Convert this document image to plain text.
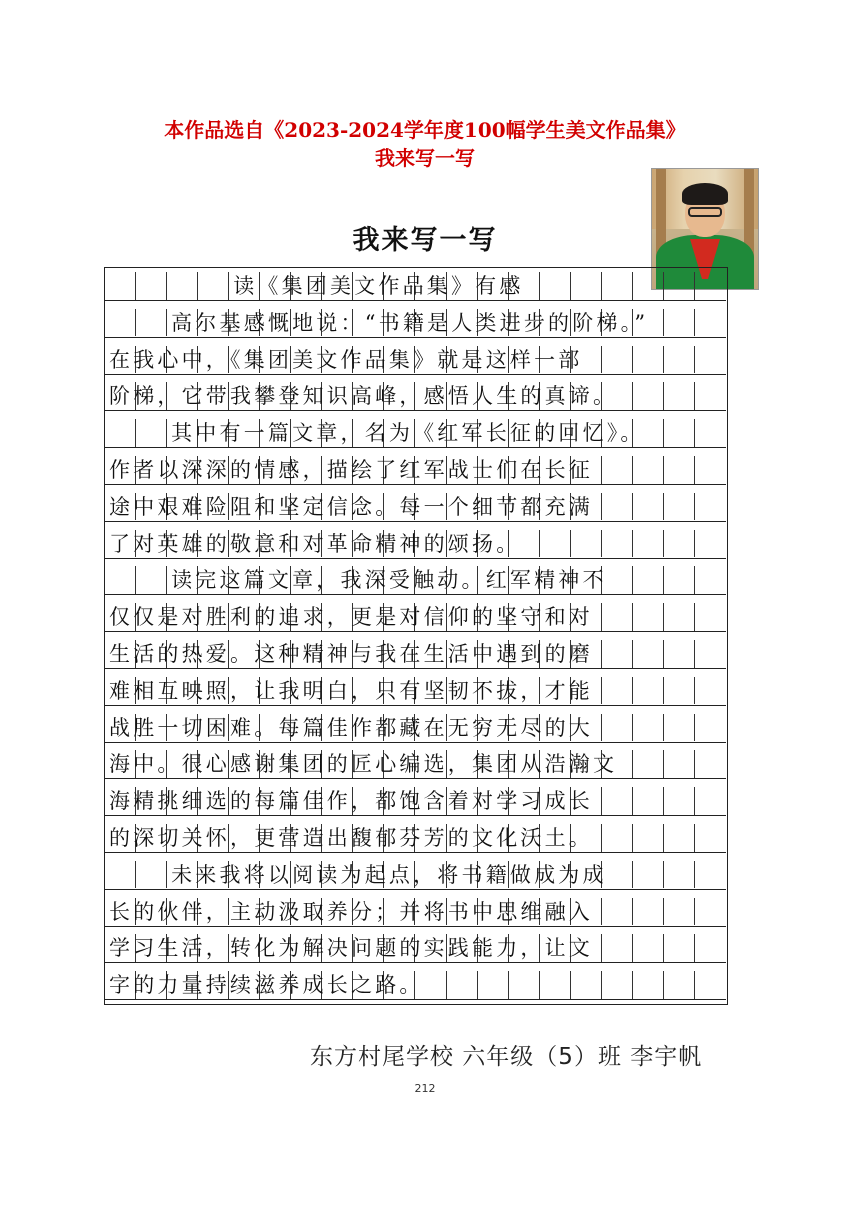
本作品选自《2023-2024学年度100幅学生美文作品集》
我来写一写
我来写一写
读《集团美文作品集》有感
高尔基感慨地说：“书籍是人类进步的阶梯。”
在我心中，《集团美文作品集》就是这样一部
阶梯，它带我攀登知识高峰，感悟人生的真谛。
其中有一篇文章，名为《红军长征的回忆》。
作者以深深的情感，描绘了红军战士们在长征
途中艰难险阻和坚定信念。每一个细节都充满
了对英雄的敬意和对革命精神的颂扬。
读完这篇文章，我深受触动。红军精神不
仅仅是对胜利的追求，更是对信仰的坚守和对
生活的热爱。这种精神与我在生活中遇到的磨
难相互映照，让我明白，只有坚韧不拔，才能
战胜一切困难。每篇佳作都藏在无穷无尽的大
海中。很心感谢集团的匠心编选，集团从浩瀚文
海精挑细选的每篇佳作，都饱含着对学习成长
的深切关怀，更营造出馥郁芬芳的文化沃土。
未来我将以阅读为起点，将书籍做成为成
长的伙伴，主动汲取养分；并将书中思维融入
学习生活，转化为解决问题的实践能力，让文
字的力量持续滋养成长之路。
东方村尾学校 六年级（5）班 李宇帆
212
